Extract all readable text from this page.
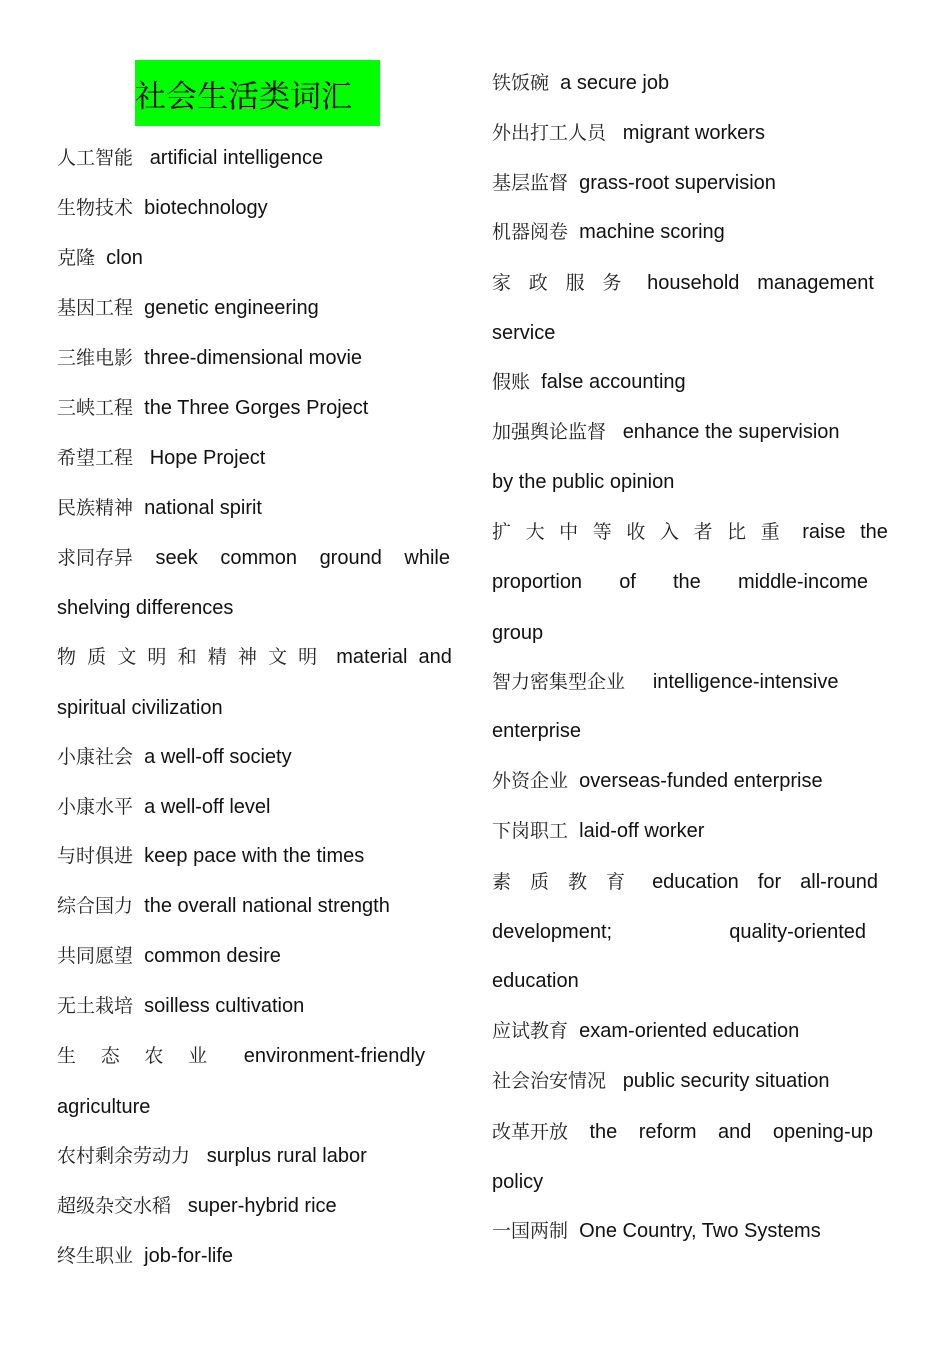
社会生活类词汇
人工智能 artificial intelligence
生物技术 biotechnology
克隆 clon
基因工程 genetic engineering
三维电影 three-dimensional movie
三峡工程 the Three Gorges Project
希望工程 Hope Project
民族精神 national spirit
求同存异 seek common ground while
shelving differences
物 质 文 明 和 精 神 文 明 material and
spiritual civilization
小康社会 a well-off society
小康水平 a well-off level
与时俱进 keep pace with the times
综合国力 the overall national strength
共同愿望 common desire
无土栽培 soilless cultivation
生 态 农 业 environment-friendly
agriculture
农村剩余劳动力 surplus rural labor
超级杂交水稻 super-hybrid rice
终生职业 job-for-life
铁饭碗 a secure job
外出打工人员 migrant workers
基层监督 grass-root supervision
机器阅卷 machine scoring
家 政 服 务 household management
service
假账 false accounting
加强舆论监督 enhance the supervision
by the public opinion
扩 大 中 等 收 入 者 比 重 raise the
proportion of the middle-income
group
智力密集型企业 intelligence-intensive
enterprise
外资企业 overseas-funded enterprise
下岗职工 laid-off worker
素 质 教 育 education for all-round
development;	quality-oriented
education
应试教育 exam-oriented education
社会治安情况 public security situation
改革开放 the reform and opening-up
policy
一国两制 One Country, Two Systems
